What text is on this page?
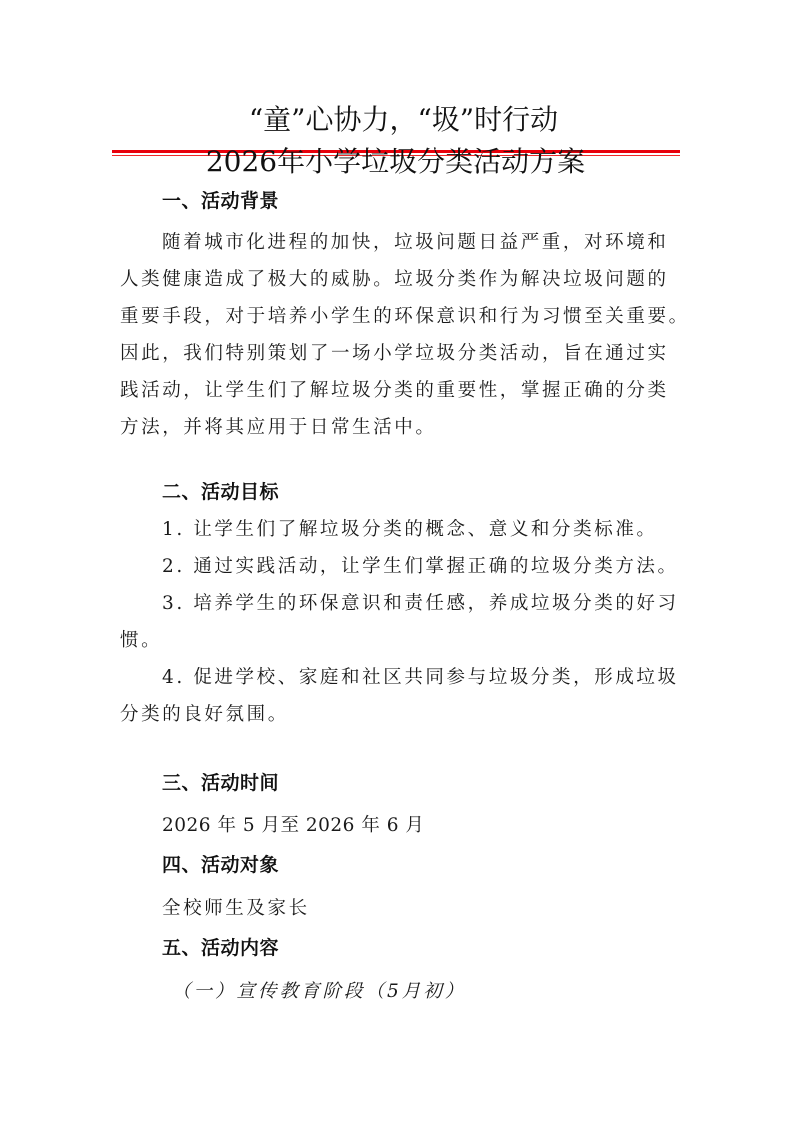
“童”心协力，“圾”时行动
2026年小学垃圾分类活动方案
一、活动背景
随着城市化进程的加快，垃圾问题日益严重，对环境和
人类健康造成了极大的威胁。垃圾分类作为解决垃圾问题的
重要手段，对于培养小学生的环保意识和行为习惯至关重要。
因此，我们特别策划了一场小学垃圾分类活动，旨在通过实
践活动，让学生们了解垃圾分类的重要性，掌握正确的分类
方法，并将其应用于日常生活中。
二、活动目标
1. 让学生们了解垃圾分类的概念、意义和分类标准。
2. 通过实践活动，让学生们掌握正确的垃圾分类方法。
3. 培养学生的环保意识和责任感，养成垃圾分类的好习
惯。
4. 促进学校、家庭和社区共同参与垃圾分类，形成垃圾
分类的良好氛围。
三、活动时间
2026 年 5 月至 2026 年 6 月
四、活动对象
全校师生及家长
五、活动内容
（一）宣传教育阶段（5月初）
